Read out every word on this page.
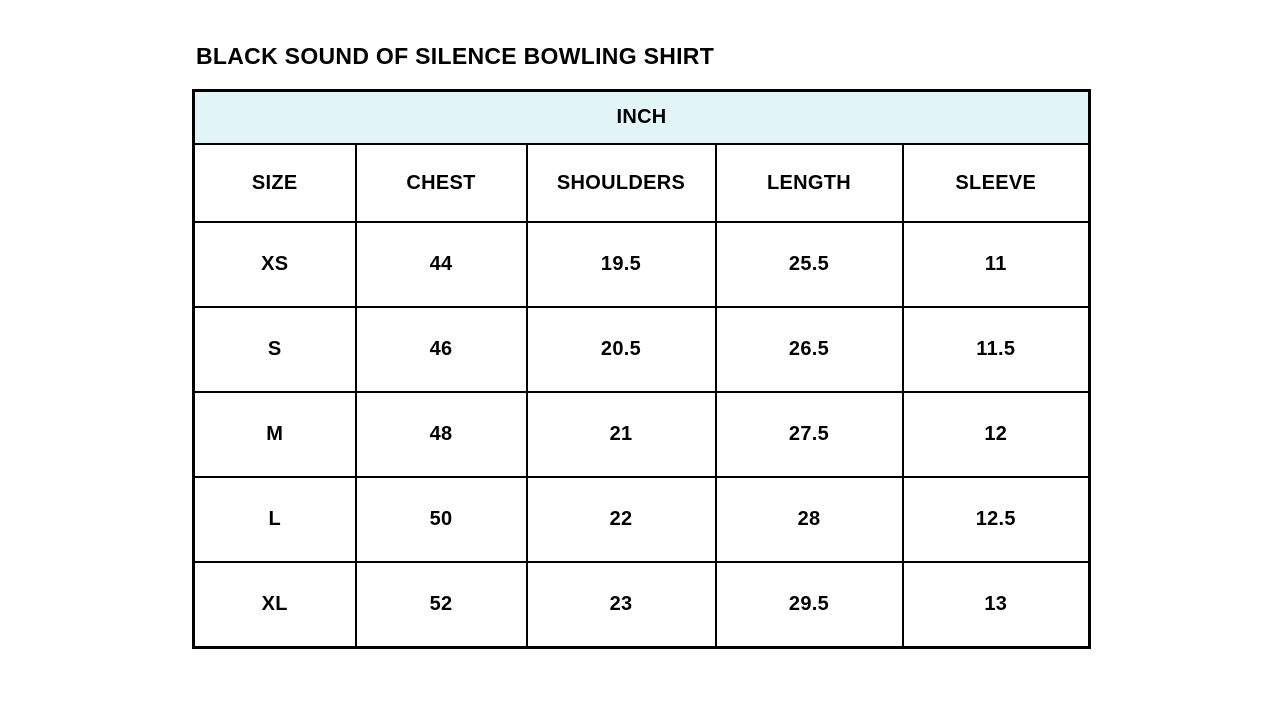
BLACK SOUND OF SILENCE BOWLING SHIRT
INCH				
SIZE	CHEST	SHOULDERS	LENGTH	SLEEVE
XS	44	19.5	25.5	11
S	46	20.5	26.5	11.5
M	48	21	27.5	12
L	50	22	28	12.5
XL	52	23	29.5	13
